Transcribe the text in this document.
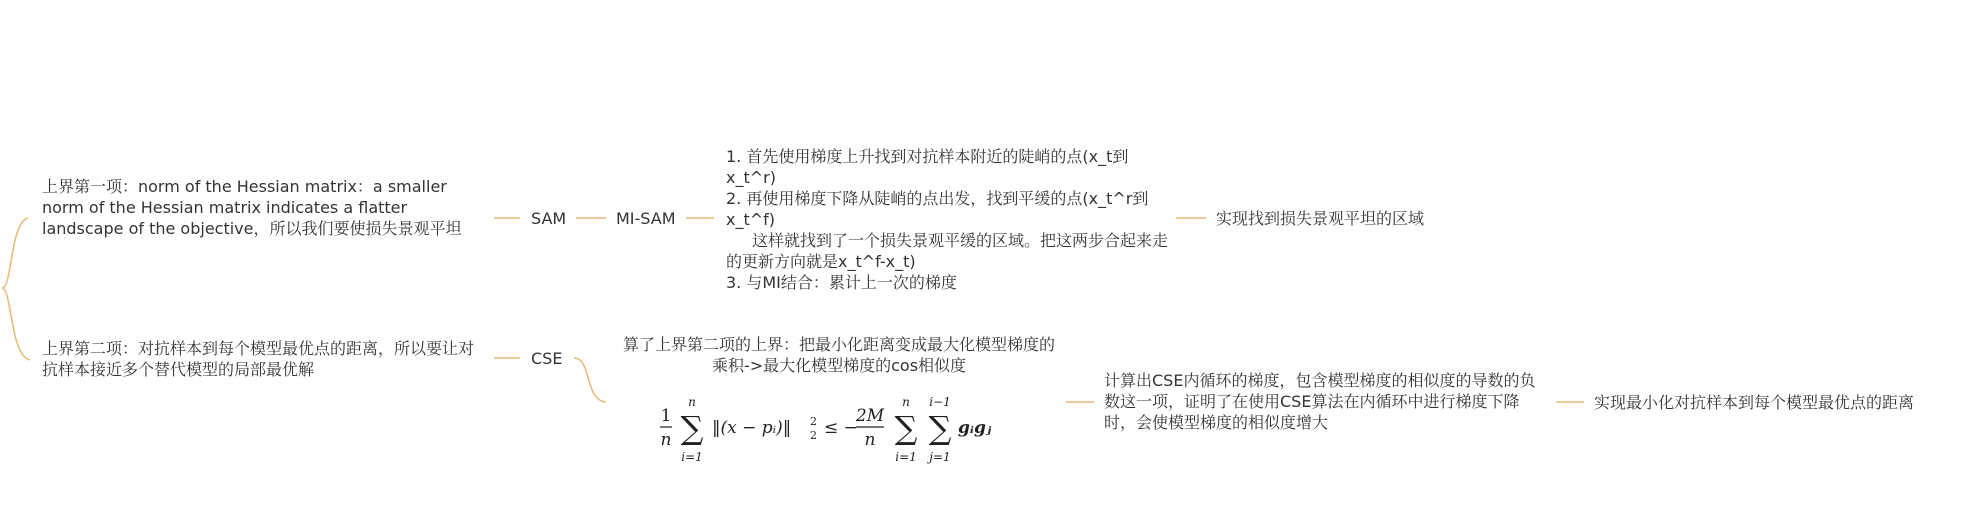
上界第一项：norm of the Hessian matrix：a smaller norm of the Hessian matrix indicates a flatter landscape of the objective，所以我们要使损失景观平坦
SAM	MI-SAM
1. 首先使用梯度上升找到对抗样本附近的陡峭的点(x_t到x_t^r)
2. 再使用梯度下降从陡峭的点出发，找到平缓的点(x_t^r到x_t^f)
这样就找到了一个损失景观平缓的区域。把这两步合起来走的更新方向就是x_t^f-x_t)
3. 与MI结合：累计上一次的梯度
实现找到损失景观平坦的区域
上界第二项：对抗样本到每个模型最优点的距离，所以要让对抗样本接近多个替代模型的局部最优解
CSE
算了上界第二项的上界：把最小化距离变成最大化模型梯度的乘积->最大化模型梯度的cos相似度
1
n
n
∑
i=1
‖(x − pᵢ)‖ 2
2 ≤ −
2M
n
n
∑
i=1
i−1
∑
j=1
gᵢgⱼ
计算出CSE内循环的梯度，包含模型梯度的相似度的导数的负数这一项，证明了在使用CSE算法在内循环中进行梯度下降时，会使模型梯度的相似度增大
实现最小化对抗样本到每个模型最优点的距离
